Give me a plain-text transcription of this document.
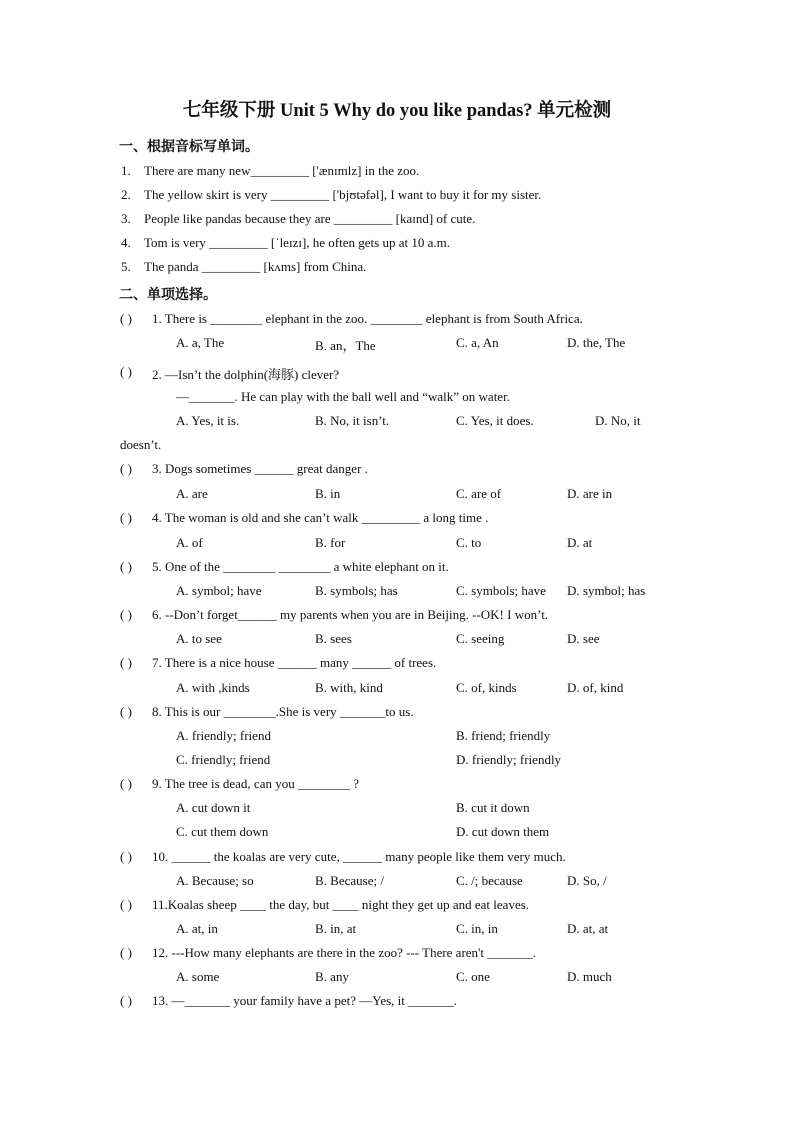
七年级下册 Unit 5 Why do you like pandas? 单元检测
一、根据音标写单词。
1. There are many new_________ ['ænɪmlz] in the zoo.
2. The yellow skirt is very _________ ['bjʊtəfəl], I want to buy it for my sister.
3. People like pandas because they are _________ [kaɪnd] of cute.
4. Tom is very _________ [ˈleɪzɪ], he often gets up at 10 a.m.
5. The panda _________ [kʌms] from China.
二、单项选择。
( ) 1. There is ________ elephant in the zoo. ________ elephant is from South Africa.
A. a, The	B. an，The	C. a, An	D. the, The
( ) 2. —Isn’t the dolphin(海豚) clever?
—_______. He can play with the ball well and “walk” on water.
A. Yes, it is.	B. No, it isn’t.	C. Yes, it does.	D. No, it
doesn’t.
( ) 3. Dogs sometimes ______ great danger .
A. are	B. in	C. are of	D. are in
( ) 4. The woman is old and she can’t walk _________ a long time .
A. of	B. for	C. to	D. at
( ) 5. One of the ________ ________ a white elephant on it.
A. symbol; have	B. symbols; has	C. symbols; have D. symbol; has
( ) 6. --Don’t forget______ my parents when you are in Beijing. --OK! I won’t.
A. to see	B. sees	C. seeing	D. see
( ) 7. There is a nice house ______ many ______ of trees.
A. with ,kinds	B. with, kind	C. of, kinds	D. of, kind
( ) 8. This is our ________.She is very _______to us.
A. friendly; friend	B. friend; friendly
C. friendly; friend	D. friendly; friendly
( ) 9. The tree is dead, can you ________ ?
A. cut down it	B. cut it down
C. cut them down	D. cut down them
( ) 10. ______ the koalas are very cute, ______ many people like them very much.
A. Because; so	B. Because; /	C. /; because	D. So, /
( ) 11.Koalas sheep ____ the day, but ____ night they get up and eat leaves.
A. at, in	B. in, at	C. in, in	D. at, at
( ) 12. ---How many elephants are there in the zoo? --- There aren't _______.
A. some	B. any	C. one	D. much
( ) 13. —_______ your family have a pet? —Yes, it _______.
